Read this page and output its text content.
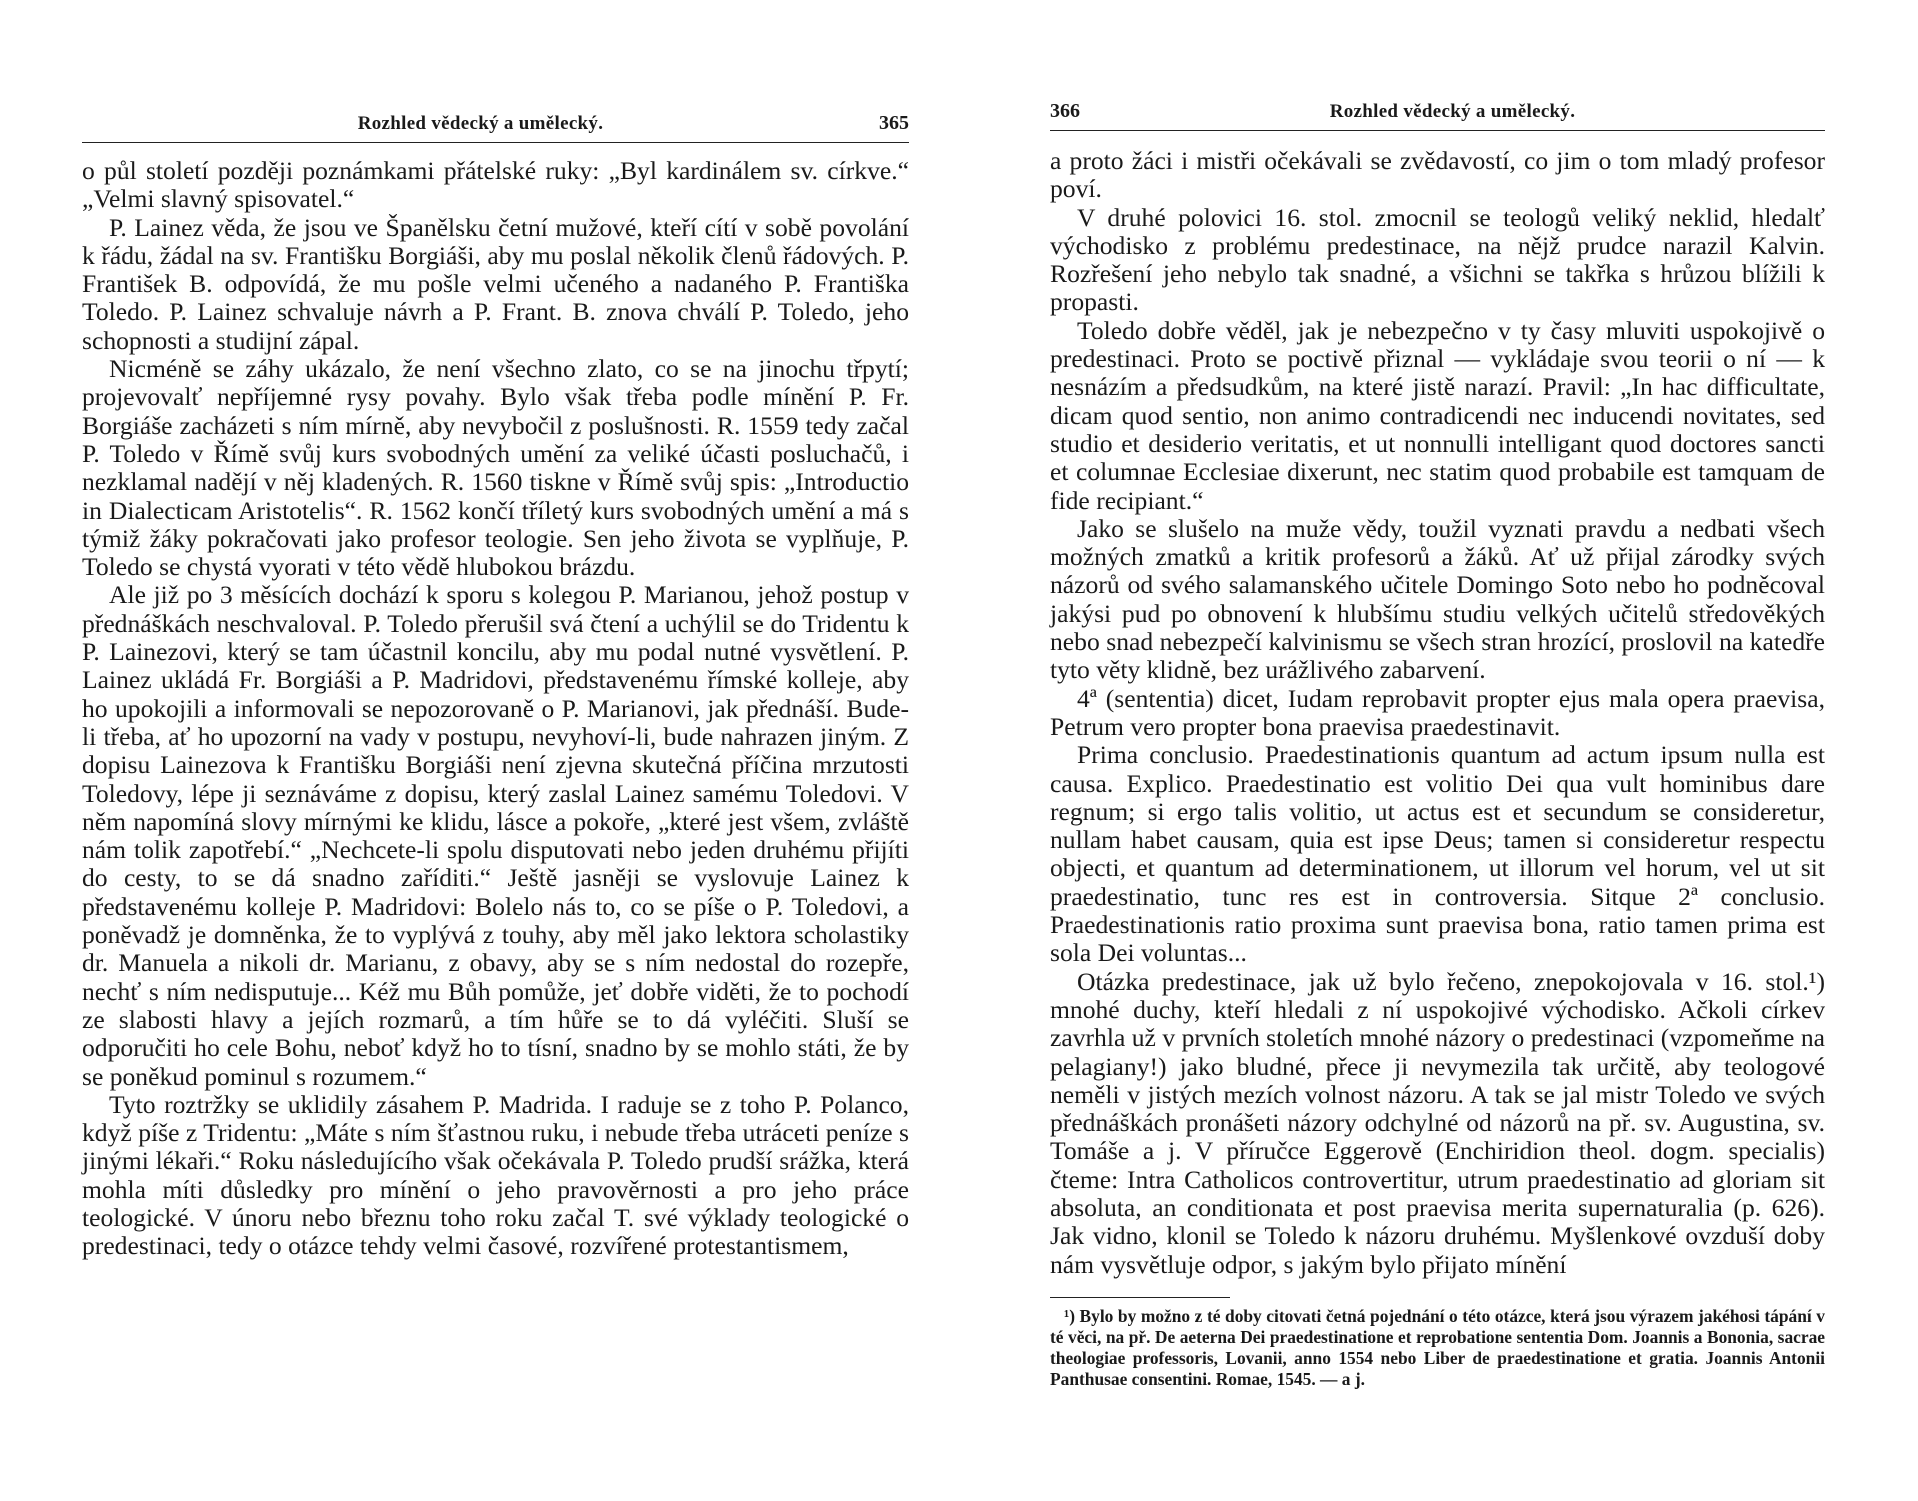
Rozhled vědecký a umělecký.	365

o půl století později poznámkami přátelské ruky: „Byl kardinálem sv. církve.“ „Velmi slavný spisovatel.“

P. Lainez věda, že jsou ve Španělsku četní mužové, kteří cítí v sobě povolání k řádu, žádal na sv. Františku Borgiáši, aby mu poslal několik členů řádových. P. František B. odpovídá, že mu pošle velmi učeného a nadaného P. Františka Toledo. P. Lainez schvaluje návrh a P. Frant. B. znova chválí P. Toledo, jeho schopnosti a studijní zápal.

Nicméně se záhy ukázalo, že není všechno zlato, co se na jinochu třpytí; projevovalť nepříjemné rysy povahy. Bylo však třeba podle mínění P. Fr. Borgiáše zacházeti s ním mírně, aby nevybočil z poslušnosti. R. 1559 tedy začal P. Toledo v Římě svůj kurs svobodných umění za veliké účasti posluchačů, i nezklamal nadějí v něj kladených. R. 1560 tiskne v Římě svůj spis: „Introductio in Dialecticam Aristotelis“. R. 1562 končí tříletý kurs svobodných umění a má s týmiž žáky pokračovati jako profesor teologie. Sen jeho života se vyplňuje, P. Toledo se chystá vyorati v této vědě hlubokou brázdu.

Ale již po 3 měsících dochází k sporu s kolegou P. Marianou, jehož postup v přednáškách neschvaloval. P. Toledo přerušil svá čtení a uchýlil se do Tridentu k P. Lainezovi, který se tam účastnil koncilu, aby mu podal nutné vysvětlení. P. Lainez ukládá Fr. Borgiáši a P. Madridovi, představenému římské kolleje, aby ho upokojili a informovali se nepozorovaně o P. Marianovi, jak přednáší. Bude-li třeba, ať ho upozorní na vady v postupu, nevyhoví-li, bude nahrazen jiným. Z dopisu Lainezova k Františku Borgiáši není zjevna skutečná příčina mrzutosti Toledovy, lépe ji seznáváme z dopisu, který zaslal Lainez samému Toledovi. V něm napomíná slovy mírnými ke klidu, lásce a pokoře, „které jest všem, zvláště nám tolik zapotřebí.“ „Nechcete-li spolu disputovati nebo jeden druhému přijíti do cesty, to se dá snadno zaříditi.“ Ještě jasněji se vyslovuje Lainez k představenému kolleje P. Madridovi: Bolelo nás to, co se píše o P. Toledovi, a poněvadž je domněnka, že to vyplývá z touhy, aby měl jako lektora scholastiky dr. Manuela a nikoli dr. Marianu, z obavy, aby se s ním nedostal do rozepře, nechť s ním nedisputuje... Kéž mu Bůh pomůže, jeť dobře viděti, že to pochodí ze slabosti hlavy a jejích rozmarů, a tím hůře se to dá vyléčiti. Sluší se odporučiti ho cele Bohu, neboť když ho to tísní, snadno by se mohlo státi, že by se poněkud pominul s rozumem.“

Tyto roztržky se uklidily zásahem P. Madrida. I raduje se z toho P. Polanco, když píše z Tridentu: „Máte s ním šťastnou ruku, i nebude třeba utráceti peníze s jinými lékaři.“ Roku následujícího však očekávala P. Toledo prudší srážka, která mohla míti důsledky pro mínění o jeho pravověrnosti a pro jeho práce teologické. V únoru nebo březnu toho roku začal T. své výklady teologické o predestinaci, tedy o otázce tehdy velmi časové, rozvířené protestantismem,

366	Rozhled vědecký a umělecký.

a proto žáci i mistři očekávali se zvědavostí, co jim o tom mladý profesor poví.

V druhé polovici 16. stol. zmocnil se teologů veliký neklid, hledalť východisko z problému predestinace, na nějž prudce narazil Kalvin. Rozřešení jeho nebylo tak snadné, a všichni se takřka s hrůzou blížili k propasti.

Toledo dobře věděl, jak je nebezpečno v ty časy mluviti uspokojivě o predestinaci. Proto se poctivě přiznal — vykládaje svou teorii o ní — k nesnázím a předsudkům, na které jistě narazí. Pravil: „In hac difficultate, dicam quod sentio, non animo contradicendi nec inducendi novitates, sed studio et desiderio veritatis, et ut nonnulli intelligant quod doctores sancti et columnae Ecclesiae dixerunt, nec statim quod probabile est tamquam de fide recipiant.“

Jako se slušelo na muže vědy, toužil vyznati pravdu a nedbati všech možných zmatků a kritik profesorů a žáků. Ať už přijal zárodky svých názorů od svého salamanského učitele Domingo Soto nebo ho podněcoval jakýsi pud po obnovení k hlubšímu studiu velkých učitelů středověkých nebo snad nebezpečí kalvinismu se všech stran hrozící, proslovil na katedře tyto věty klidně, bez urážlivého zabarvení.

4ª (sententia) dicet, Iudam reprobavit propter ejus mala opera praevisa, Petrum vero propter bona praevisa praedestinavit.

Prima conclusio. Praedestinationis quantum ad actum ipsum nulla est causa. Explico. Praedestinatio est volitio Dei qua vult hominibus dare regnum; si ergo talis volitio, ut actus est et secundum se consideretur, nullam habet causam, quia est ipse Deus; tamen si consideretur respectu objecti, et quantum ad determinationem, ut illorum vel horum, vel ut sit praedestinatio, tunc res est in controversia. Sitque 2ª conclusio. Praedestinationis ratio proxima sunt praevisa bona, ratio tamen prima est sola Dei voluntas...

Otázka predestinace, jak už bylo řečeno, znepokojovala v 16. stol.¹) mnohé duchy, kteří hledali z ní uspokojivé východisko. Ačkoli církev zavrhla už v prvních stoletích mnohé názory o predestinaci (vzpomeňme na pelagiany!) jako bludné, přece ji nevymezila tak určitě, aby teologové neměli v jistých mezích volnost názoru. A tak se jal mistr Toledo ve svých přednáškách pronášeti názory odchylné od názorů na př. sv. Augustina, sv. Tomáše a j. V příručce Eggerově (Enchiridion theol. dogm. specialis) čteme: Intra Catholicos controvertitur, utrum praedestinatio ad gloriam sit absoluta, an conditionata et post praevisa merita supernaturalia (p. 626). Jak vidno, klonil se Toledo k názoru druhému. Myšlenkové ovzduší doby nám vysvětluje odpor, s jakým bylo přijato mínění

¹) Bylo by možno z té doby citovati četná pojednání o této otázce, která jsou výrazem jakéhosi tápání v té věci, na př. De aeterna Dei praedestinatione et reprobatione sententia Dom. Joannis a Bononia, sacrae theologiae professoris, Lovanii, anno 1554 nebo Liber de praedestinatione et gratia. Joannis Antonii Panthusae consentini. Romae, 1545. — a j.
